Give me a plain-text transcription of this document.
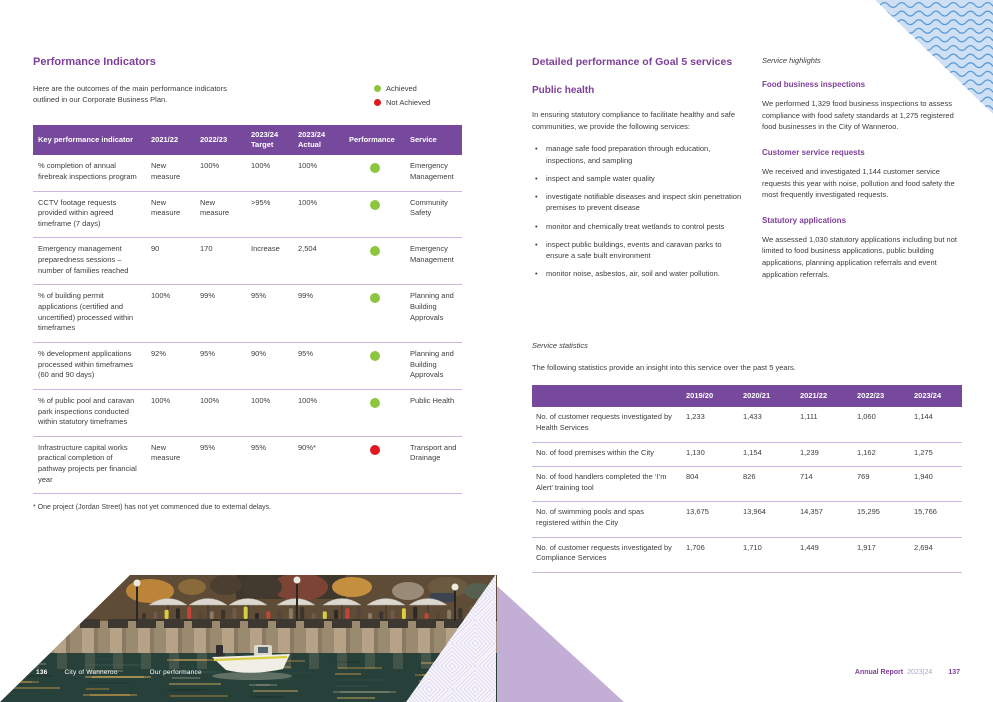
Performance Indicators

Here are the outcomes of the main performance indicators outlined in our Corporate Business Plan.

Achieved
Not Achieved
Key performance indicator	2021/22	2022/23	2023/24 Target	2023/24 Actual	Performance	Service
% completion of annual firebreak inspections program	New measure	100%	100%	100%		Emergency Management
CCTV footage requests provided within agreed timeframe (7 days)	New measure	New measure	>95%	100%		Community Safety
Emergency management preparedness sessions – number of families reached	90	170	Increase	2,504		Emergency Management
% of building permit applications (certified and uncertified) processed within timeframes	100%	99%	95%	99%		Planning and Building Approvals
% development applications processed within timeframes (60 and 90 days)	92%	95%	90%	95%		Planning and Building Approvals
% of public pool and caravan park inspections conducted within statutory timeframes	100%	100%	100%	100%		Public Health
Infrastructure capital works practical completion of pathway projects per financial year	New measure	95%	95%	90%*		Transport and Drainage

* One project (Jordan Street) has not yet commenced due to external delays.

Detailed performance of Goal 5 services
Public health

In ensuring statutory compliance to facilitate healthy and safe communities, we provide the following services:

• manage safe food preparation through education, inspections, and sampling
• inspect and sample water quality
• investigate notifiable diseases and inspect skin penetration premises to prevent disease
• monitor and chemically treat wetlands to control pests
• inspect public buildings, events and caravan parks to ensure a safe built environment
• monitor noise, asbestos, air, soil and water pollution.

Service highlights

Food business inspections

We performed 1,329 food business inspections to assess compliance with food safety standards at 1,275 registered food businesses in the City of Wanneroo.

Customer service requests

We received and investigated 1,144 customer service requests this year with noise, pollution and food safety the most frequently investigated requests.

Statutory applications

We assessed 1,030 statutory applications including but not limited to food business applications, public building applications, planning application referrals and event application referrals.

Service statistics

The following statistics provide an insight into this service over the past 5 years.

	2019/20	2020/21	2021/22	2022/23	2023/24
No. of customer requests investigated by Health Services	1,233	1,433	1,111	1,060	1,144
No. of food premises within the City	1,130	1,154	1,239	1,162	1,275
No. of food handlers completed the ‘I’m Alert’ training tool	804	826	714	769	1,940
No. of swimming pools and spas registered within the City	13,675	13,964	14,357	15,295	15,766
No. of customer requests investigated by Compliance Services	1,706	1,710	1,449	1,917	2,694
136	City of Wanneroo	Our performance	Annual Report 2023|24 137
